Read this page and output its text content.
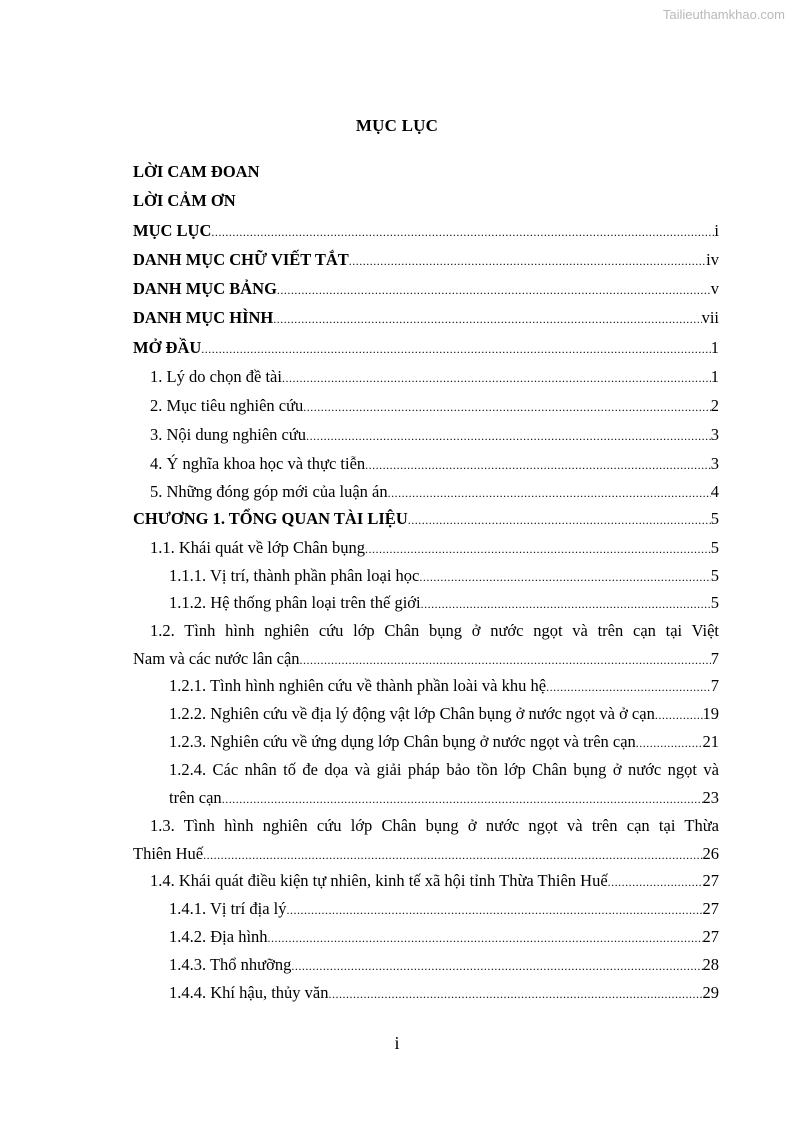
Tailieuthamkhao.com
MỤC LỤC
LỜI CAM ĐOAN
LỜI CẢM ƠN
MỤC LỤC .....	i
DANH MỤC CHỮ VIẾT TẮT .....	iv
DANH MỤC BẢNG .....	v
DANH MỤC HÌNH .....	vii
MỞ ĐẦU .....	1
1. Lý do chọn đề tài .....	1
2. Mục tiêu nghiên cứu .....	2
3. Nội dung nghiên cứu .....	3
4. Ý nghĩa khoa học và thực tiễn .....	3
5. Những đóng góp mới của luận án .....	4
CHƯƠNG 1. TỔNG QUAN TÀI LIỆU .....	5
1.1. Khái quát về lớp Chân bụng .....	5
1.1.1. Vị trí, thành phần phân loại học .....	5
1.1.2. Hệ thống phân loại trên thế giới .....	5
1.2. Tình hình nghiên cứu lớp Chân bụng ở nước ngọt và trên cạn tại Việt
Nam và các nước lân cận .....	7
1.2.1. Tình hình nghiên cứu về thành phần loài và khu hệ .....	7
1.2.2. Nghiên cứu về địa lý động vật lớp Chân bụng ở nước ngọt và ở cạn .....	19
1.2.3. Nghiên cứu về ứng dụng lớp Chân bụng ở nước ngọt và trên cạn .....	21
1.2.4. Các nhân tố đe dọa và giải pháp bảo tồn lớp Chân bụng ở nước ngọt và
trên cạn .....	23
1.3. Tình hình nghiên cứu lớp Chân bụng ở nước ngọt và trên cạn tại Thừa
Thiên Huế .....	26
1.4. Khái quát điều kiện tự nhiên, kinh tế xã hội tỉnh Thừa Thiên Huế .....	27
1.4.1. Vị trí địa lý .....	27
1.4.2. Địa hình .....	27
1.4.3. Thổ nhưỡng .....	28
1.4.4. Khí hậu, thủy văn .....	29
i
